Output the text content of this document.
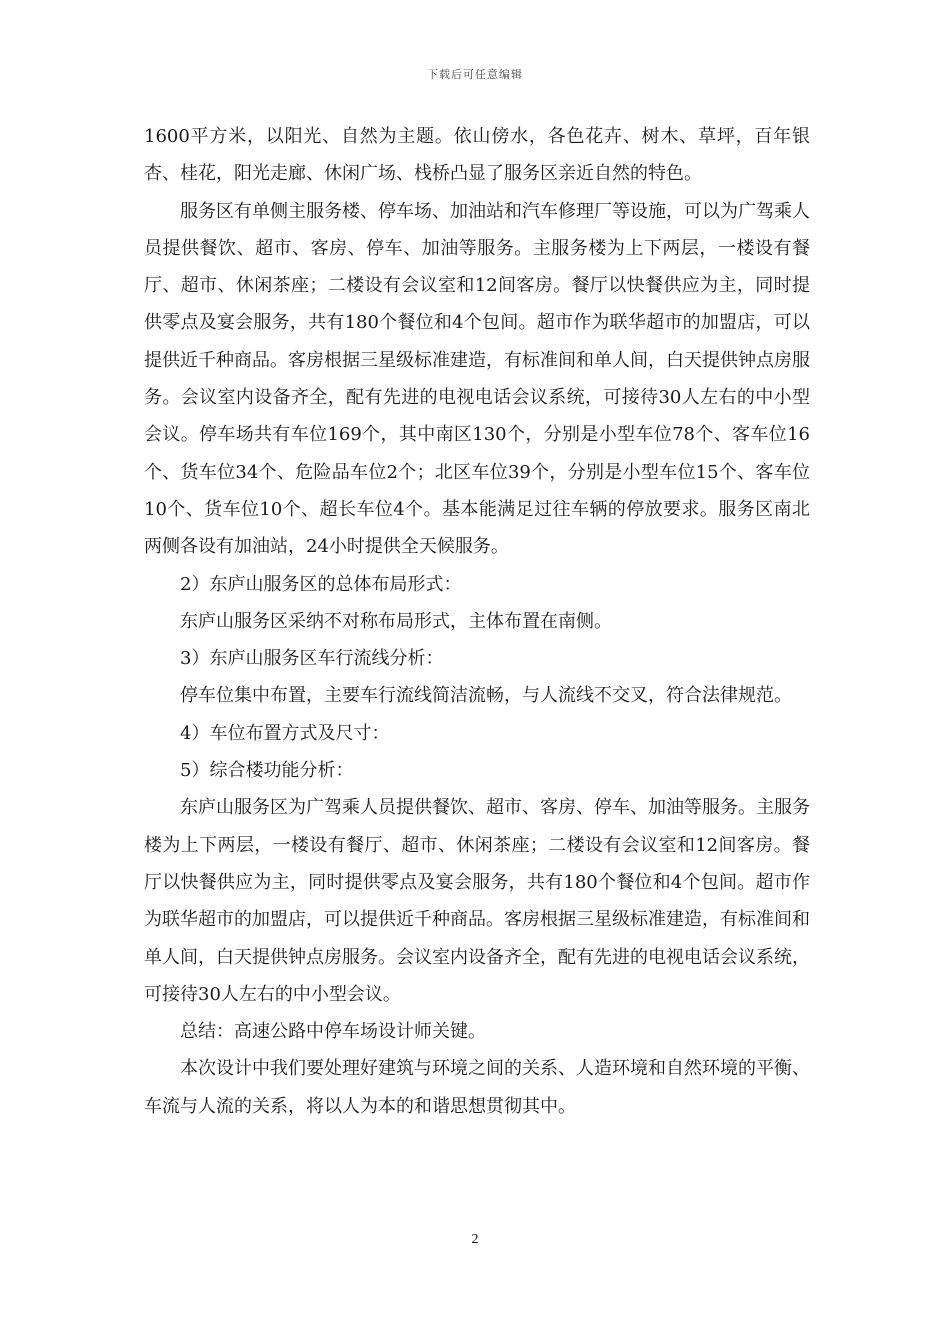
下载后可任意编辑

1600平方米，以阳光、自然为主题。依山傍水，各色花卉、树木、草坪，百年银杏、桂花，阳光走廊、休闲广场、栈桥凸显了服务区亲近自然的特色。

服务区有单侧主服务楼、停车场、加油站和汽车修理厂等设施，可以为广驾乘人员提供餐饮、超市、客房、停车、加油等服务。主服务楼为上下两层，一楼设有餐厅、超市、休闲茶座；二楼设有会议室和12间客房。餐厅以快餐供应为主，同时提供零点及宴会服务，共有180个餐位和4个包间。超市作为联华超市的加盟店，可以提供近千种商品。客房根据三星级标准建造，有标准间和单人间，白天提供钟点房服务。会议室内设备齐全，配有先进的电视电话会议系统，可接待30人左右的中小型会议。停车场共有车位169个，其中南区130个，分别是小型车位78个、客车位16个、货车位34个、危险品车位2个；北区车位39个，分别是小型车位15个、客车位10个、货车位10个、超长车位4个。基本能满足过往车辆的停放要求。服务区南北两侧各设有加油站，24小时提供全天候服务。

2）东庐山服务区的总体布局形式：

东庐山服务区采纳不对称布局形式，主体布置在南侧。

3）东庐山服务区车行流线分析：

停车位集中布置，主要车行流线简洁流畅，与人流线不交叉，符合法律规范。

4）车位布置方式及尺寸：

5）综合楼功能分析：

东庐山服务区为广驾乘人员提供餐饮、超市、客房、停车、加油等服务。主服务楼为上下两层，一楼设有餐厅、超市、休闲茶座；二楼设有会议室和12间客房。餐厅以快餐供应为主，同时提供零点及宴会服务，共有180个餐位和4个包间。超市作为联华超市的加盟店，可以提供近千种商品。客房根据三星级标准建造，有标准间和单人间，白天提供钟点房服务。会议室内设备齐全，配有先进的电视电话会议系统，可接待30人左右的中小型会议。

总结：高速公路中停车场设计师关键。

本次设计中我们要处理好建筑与环境之间的关系、人造环境和自然环境的平衡、车流与人流的关系，将以人为本的和谐思想贯彻其中。

2
